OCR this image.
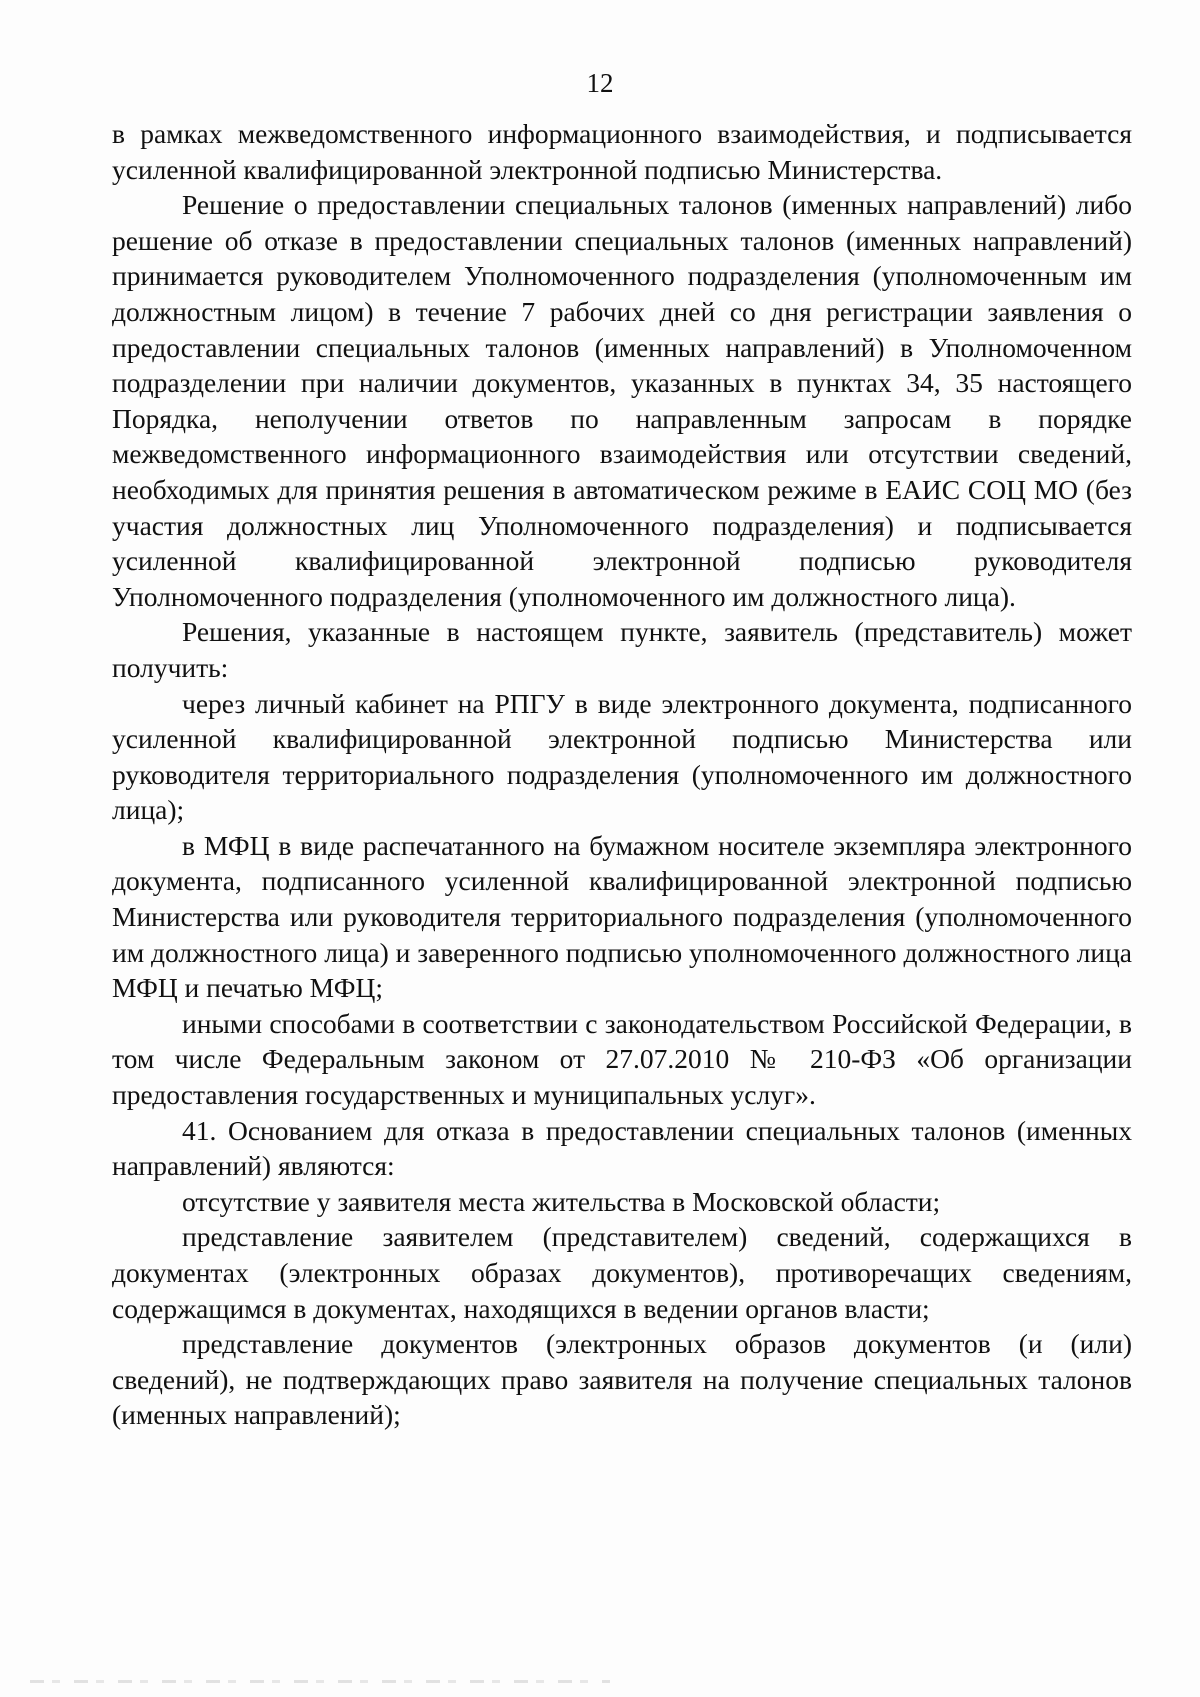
12

в рамках межведомственного информационного взаимодействия, и подписывается усиленной квалифицированной электронной подписью Министерства.

Решение о предоставлении специальных талонов (именных направлений) либо решение об отказе в предоставлении специальных талонов (именных направлений) принимается руководителем Уполномоченного подразделения (уполномоченным им должностным лицом) в течение 7 рабочих дней со дня регистрации заявления о предоставлении специальных талонов (именных направлений) в Уполномоченном подразделении при наличии документов, указанных в пунктах 34, 35 настоящего Порядка, неполучении ответов по направленным запросам в порядке межведомственного информационного взаимодействия или отсутствии сведений, необходимых для принятия решения в автоматическом режиме в ЕАИС СОЦ МО (без участия должностных лиц Уполномоченного подразделения) и подписывается усиленной квалифицированной электронной подписью руководителя Уполномоченного подразделения (уполномоченного им должностного лица).

Решения, указанные в настоящем пункте, заявитель (представитель) может получить:

через личный кабинет на РПГУ в виде электронного документа, подписанного усиленной квалифицированной электронной подписью Министерства или руководителя территориального подразделения (уполномоченного им должностного лица);

в МФЦ в виде распечатанного на бумажном носителе экземпляра электронного документа, подписанного усиленной квалифицированной электронной подписью Министерства или руководителя территориального подразделения (уполномоченного им должностного лица) и заверенного подписью уполномоченного должностного лица МФЦ и печатью МФЦ;

иными способами в соответствии с законодательством Российской Федерации, в том числе Федеральным законом от 27.07.2010 № 210-ФЗ «Об организации предоставления государственных и муниципальных услуг».

41. Основанием для отказа в предоставлении специальных талонов (именных направлений) являются:

отсутствие у заявителя места жительства в Московской области;

представление заявителем (представителем) сведений, содержащихся в документах (электронных образах документов), противоречащих сведениям, содержащимся в документах, находящихся в ведении органов власти;

представление документов (электронных образов документов (и (или) сведений), не подтверждающих право заявителя на получение специальных талонов (именных направлений);
